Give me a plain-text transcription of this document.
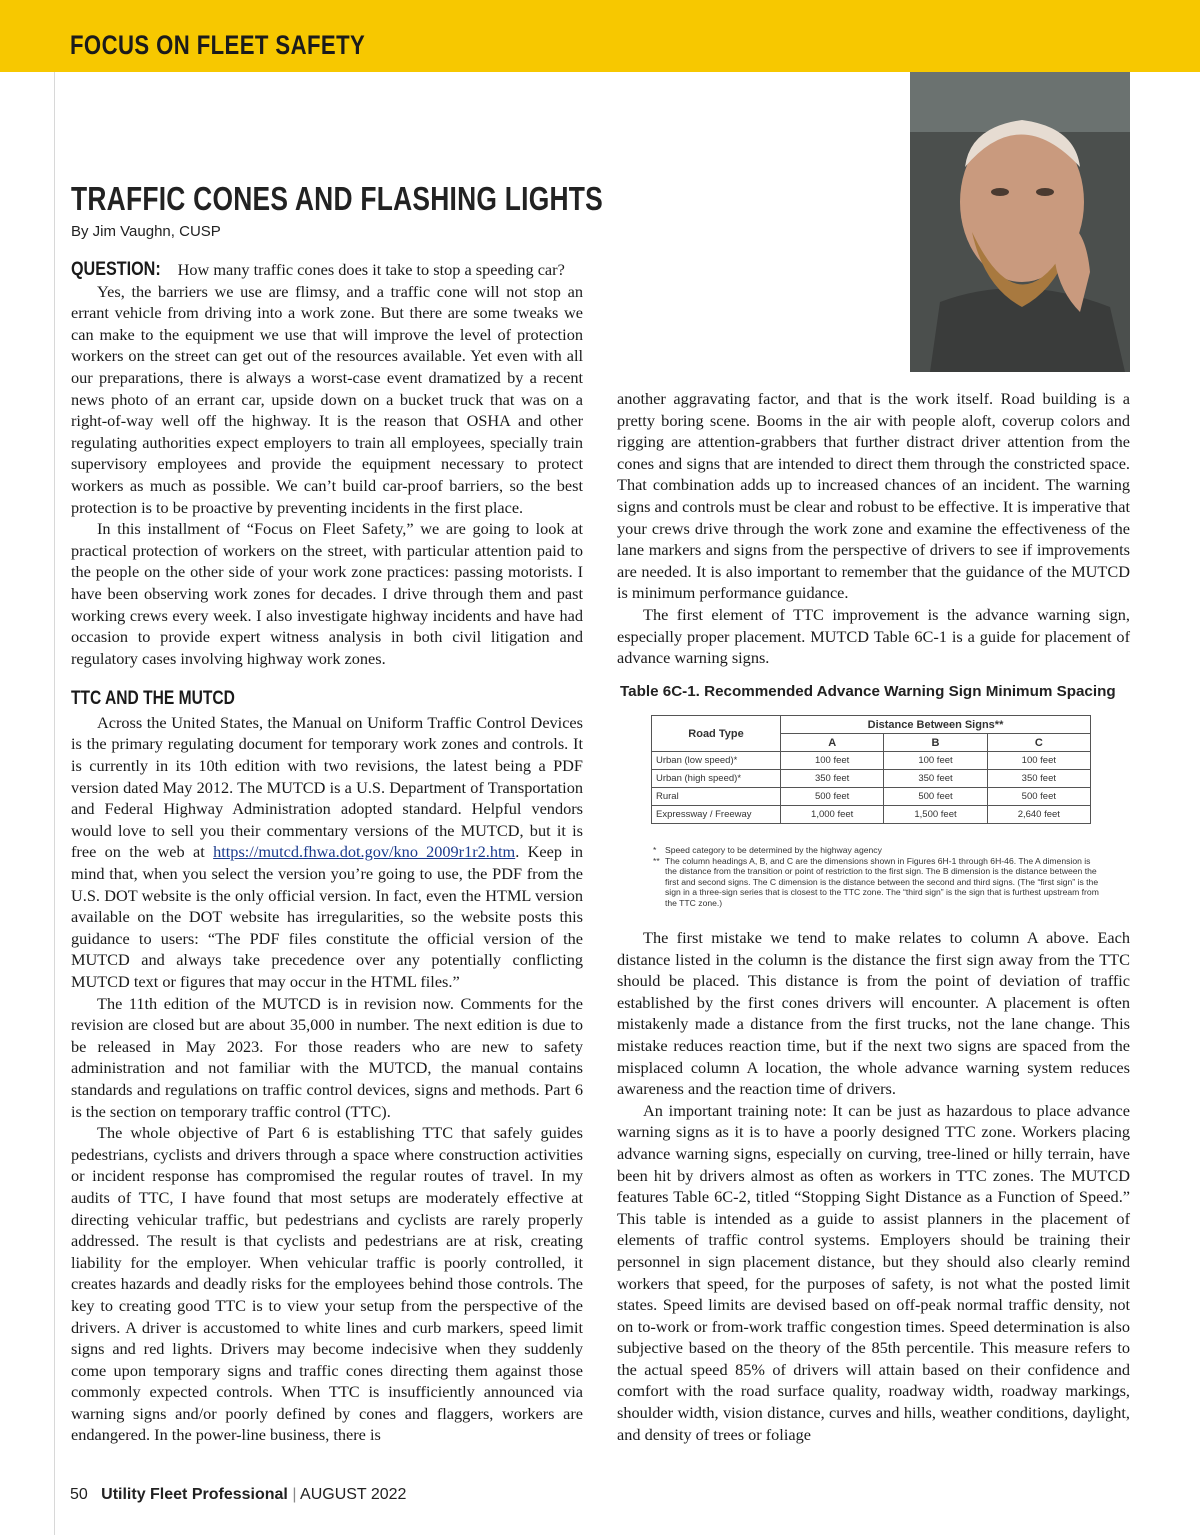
FOCUS ON FLEET SAFETY
TRAFFIC CONES AND FLASHING LIGHTS
By Jim Vaughn, CUSP

QUESTION: How many traffic cones does it take to stop a speeding car?

Yes, the barriers we use are flimsy, and a traffic cone will not stop an errant vehicle from driving into a work zone. But there are some tweaks we can make to the equipment we use that will improve the level of protection workers on the street can get out of the resources available. Yet even with all our preparations, there is always a worst-case event dramatized by a recent news photo of an errant car, upside down on a bucket truck that was on a right-of-way well off the highway. It is the reason that OSHA and other regulating authorities expect employers to train all employees, specially train supervisory employees and provide the equipment necessary to protect workers as much as possible. We can’t build car-proof barriers, so the best protection is to be proactive by preventing incidents in the first place.

In this installment of “Focus on Fleet Safety,” we are going to look at practical protection of workers on the street, with particular attention paid to the people on the other side of your work zone practices: passing motorists. I have been observing work zones for decades. I drive through them and past working crews every week. I also investigate highway incidents and have had occasion to provide expert witness analysis in both civil litigation and regulatory cases involving highway work zones.

TTC AND THE MUTCD

Across the United States, the Manual on Uniform Traffic Control Devices is the primary regulating document for temporary work zones and controls. It is currently in its 10th edition with two revisions, the latest being a PDF version dated May 2012. The MUTCD is a U.S. Department of Transportation and Federal Highway Administration adopted standard. Helpful vendors would love to sell you their commentary versions of the MUTCD, but it is free on the web at https://mutcd.fhwa.dot.gov/kno_2009r1r2.htm. Keep in mind that, when you select the version you’re going to use, the PDF from the U.S. DOT website is the only official version. In fact, even the HTML version available on the DOT website has irregularities, so the website posts this guidance to users: “The PDF files constitute the official version of the MUTCD and always take precedence over any potentially conflicting MUTCD text or figures that may occur in the HTML files.”

The 11th edition of the MUTCD is in revision now. Comments for the revision are closed but are about 35,000 in number. The next edition is due to be released in May 2023. For those readers who are new to safety administration and not familiar with the MUTCD, the manual contains standards and regulations on traffic control devices, signs and methods. Part 6 is the section on temporary traffic control (TTC).

The whole objective of Part 6 is establishing TTC that safely guides pedestrians, cyclists and drivers through a space where construction activities or incident response has compromised the regular routes of travel. In my audits of TTC, I have found that most setups are moderately effective at directing vehicular traffic, but pedestrians and cyclists are rarely properly addressed. The result is that cyclists and pedestrians are at risk, creating liability for the employer. When vehicular traffic is poorly controlled, it creates hazards and deadly risks for the employees behind those controls. The key to creating good TTC is to view your setup from the perspective of the drivers. A driver is accustomed to white lines and curb markers, speed limit signs and red lights. Drivers may become indecisive when they suddenly come upon temporary signs and traffic cones directing them against those commonly expected controls. When TTC is insufficiently announced via warning signs and/or poorly defined by cones and flaggers, workers are endangered. In the power-line business, there is

another aggravating factor, and that is the work itself. Road building is a pretty boring scene. Booms in the air with people aloft, coverup colors and rigging are attention-grabbers that further distract driver attention from the cones and signs that are intended to direct them through the constricted space. That combination adds up to increased chances of an incident. The warning signs and controls must be clear and robust to be effective. It is imperative that your crews drive through the work zone and examine the effectiveness of the lane markers and signs from the perspective of drivers to see if improvements are needed. It is also important to remember that the guidance of the MUTCD is minimum performance guidance.

The first element of TTC improvement is the advance warning sign, especially proper placement. MUTCD Table 6C-1 is a guide for placement of advance warning signs.

Table 6C-1. Recommended Advance Warning Sign Minimum Spacing
Road Type	Distance Between Signs**		
	A	B	C
Urban (low speed)*	100 feet	100 feet	100 feet
Urban (high speed)*	350 feet	350 feet	350 feet
Rural	500 feet	500 feet	500 feet
Expressway / Freeway	1,000 feet	1,500 feet	2,640 feet
* Speed category to be determined by the highway agency
** The column headings A, B, and C are the dimensions shown in Figures 6H-1 through 6H-46. The A dimension is the distance from the transition or point of restriction to the first sign. The B dimension is the distance between the first and second signs. The C dimension is the distance between the second and third signs. (The “first sign” is the sign in a three-sign series that is closest to the TTC zone. The “third sign” is the sign that is furthest upstream from the TTC zone.)

The first mistake we tend to make relates to column A above. Each distance listed in the column is the distance the first sign away from the TTC should be placed. This distance is from the point of deviation of traffic established by the first cones drivers will encounter. A placement is often mistakenly made a distance from the first trucks, not the lane change. This mistake reduces reaction time, but if the next two signs are spaced from the misplaced column A location, the whole advance warning system reduces awareness and the reaction time of drivers.

An important training note: It can be just as hazardous to place advance warning signs as it is to have a poorly designed TTC zone. Workers placing advance warning signs, especially on curving, tree-lined or hilly terrain, have been hit by drivers almost as often as workers in TTC zones. The MUTCD features Table 6C-2, titled “Stopping Sight Distance as a Function of Speed.” This table is intended as a guide to assist planners in the placement of elements of traffic control systems. Employers should be training their personnel in sign placement distance, but they should also clearly remind workers that speed, for the purposes of safety, is not what the posted limit states. Speed limits are devised based on off-peak normal traffic density, not on to-work or from-work traffic congestion times. Speed determination is also subjective based on the theory of the 85th percentile. This measure refers to the actual speed 85% of drivers will attain based on their confidence and comfort with the road surface quality, roadway width, roadway markings, shoulder width, vision distance, curves and hills, weather conditions, daylight, and density of trees or foliage

50 Utility Fleet Professional | AUGUST 2022
